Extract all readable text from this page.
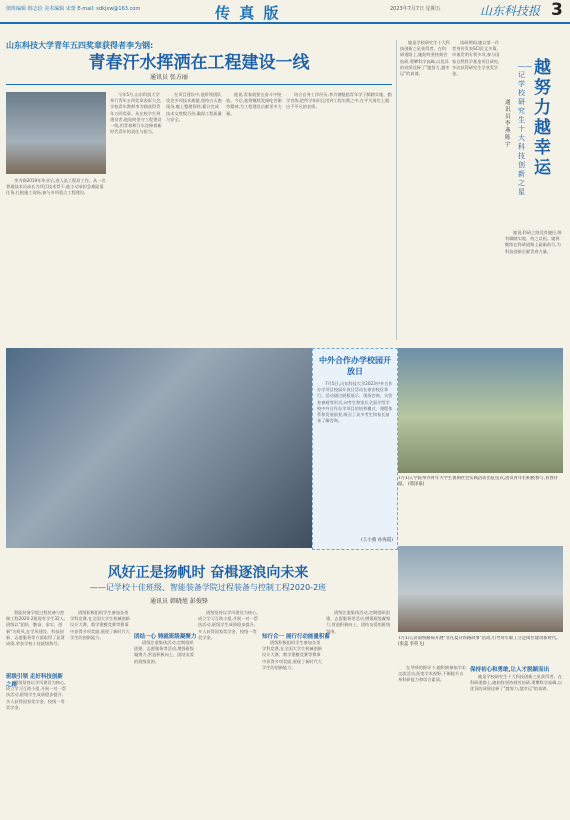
值班编辑 韩志俭 美术编辑 宋蕾 E-mail: sdkjxw@163.com	传 真 版	2023年7月7日 星期五	山东科技报 3
山东科技大学青年五四奖章获得者李为钢:
青春汗水挥洒在工程建设一线
通讯员 张方丽

今年5月,山东科技大学举行青年五四奖章表彰大会,学校青年教师李为钢获得青年五四奖章。从在校学生到建设者,他始终坚守工程建设一线,用青春和汗水诠释着新时代青年的责任与担当。

李为钢2019年毕业后,进入某工程局工作。从一名普通技术员成长为项目技术骨干,他主动承担急难险重任务,扎根施工现场,参与多项重点工程建设。

在项目建设中,他带领团队攻克多项技术难题,坚持白天跑现场,晚上整理资料,累计完成技术交底数百份,确保工程质量与安全。

他说,青春就要在奋斗中绽放。今后,他将继续发扬吃苦耐劳精神,为工程建设贡献更多力量。

结合自身工作经历,李为钢勉励青年学子脚踏实地、勤学苦练,把所学知识运用到工程实践之中,在平凡岗位上做出不平凡的业绩。

越努力 越幸运
——记学校研究生十大科技创新之星
通讯员 李燕 陈宇

她是学校研究生十大科技创新之星获得者。在科研道路上,她始终坚持刻苦钻研,勇攀科学高峰,以优异的成绩诠释了"越努力,越幸运"的真谛。

读研期间,她以第一作者身份发表SCI论文多篇,申请发明专利多项,参与国家自然科学基金项目研究,多次获得研究生学业奖学金。

她说,科研之路没有捷径,唯有脚踏实地、持之以恒。她将继续在科研道路上砥砺前行,为科技创新贡献青春力量。

中外合作办学校园开放日

7月5日,山东科技大学2023中外合作办学项目校园开放日活动在泰安校区举行。活动通过展板展示、现场咨询、实验室参观等形式,向考生和家长全面介绍学校中外合作办学项目的培养模式、课程体系和发展前景,吸引了众多考生和家长前来了解咨询。

(王小燕 孙海霞)
7月1日,学院举办青年大学生暑期社会实践活动出征仪式,团员青年们积极参与,青春洋溢。 (邢泽豪)
风好正是扬帆时 奋楫逐浪向未来
——记学校十佳班级、智能装备学院过程装备与控制工程2020-2班
通讯员 韩晓旭 彭俊锋

智能装备学院过程装备与控制工程2020-2班现有学生32人,班级以"团结、勤奋、求实、创新"为班风,在学风建设、科技创新、志愿服务等方面取得了显著成绩,荣获学校十佳班级称号。

班级引领 走好科技创新之路

班级坚持以学风建设为核心,成立学习互助小组,开展一对一帮扶活动,班级学生成绩稳步提升,多人获得国家奖学金、校级一等奖学金。

班级积极组织学生参加各类学科竞赛,在全国大学生机械创新设计大赛、数学建模竞赛等赛事中获得多项奖励,展现了新时代大学生的创新能力。	团结一心 铸就班级凝聚力

班级注重集体活动,定期组织团建、志愿服务等活动,增强班级凝聚力,营造积极向上、团结友爱的班级氛围。

班级坚持以学风建设为核心,成立学习互助小组,开展一对一帮扶活动,班级学生成绩稳步提升,多人获得国家奖学金、校级一等奖学金。	知行合一 展行行动能量积蓄

班级积极组织学生参加各类学科竞赛,在全国大学生机械创新设计大赛、数学建模竞赛等赛事中获得多项奖励,展现了新时代大学生的创新能力。

班级注重集体活动,定期组织团建、志愿服务等活动,增强班级凝聚力,营造积极向上、团结友爱的班级氛围。

7月1日,济南铁路局开展"非凡夏日铁路故事"活动,引导青年职工立足岗位建功新时代。 (张蕊 李英飞)
保持初心和勇敢,让人才脱颖而出

在导师的指导下,她积极参加学术交流活动,拓宽学术视野,不断提升自身科研能力和综合素质。

她是学校研究生十大科技创新之星获得者。在科研道路上,她始终坚持刻苦钻研,勇攀科学高峰,以优异的成绩诠释了"越努力,越幸运"的真谛。
